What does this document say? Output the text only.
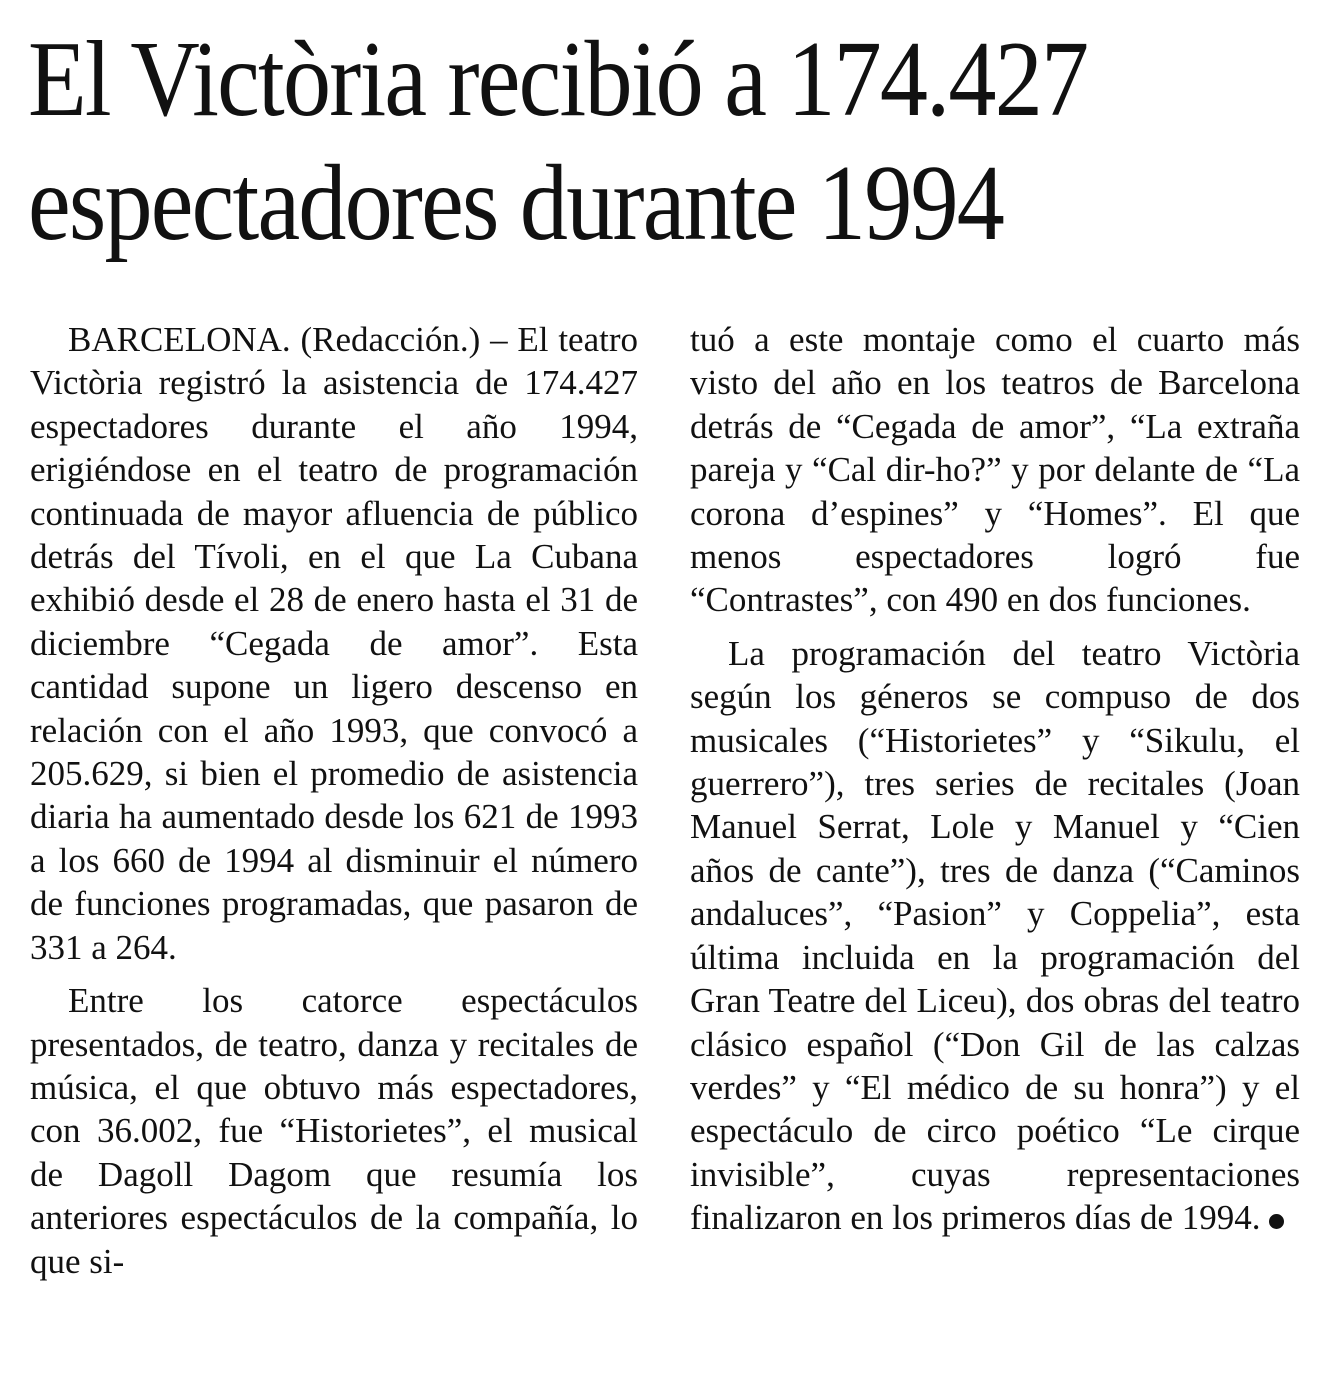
El Victòria recibió a 174.427
espectadores durante 1994

BARCELONA. (Redacción.) – El teatro Victòria registró la asistencia de 174.427 espectadores durante el año 1994, erigiéndose en el teatro de programación continuada de mayor afluencia de público detrás del Tívoli, en el que La Cubana exhibió desde el 28 de enero hasta el 31 de diciembre “Cegada de amor”. Esta cantidad supone un ligero descenso en relación con el año 1993, que convocó a 205.629, si bien el promedio de asistencia diaria ha aumentado desde los 621 de 1993 a los 660 de 1994 al disminuir el número de funciones programadas, que pasaron de 331 a 264.

Entre los catorce espectáculos presentados, de teatro, danza y recitales de música, el que obtuvo más espectadores, con 36.002, fue “Historietes”, el musical de Dagoll Dagom que resumía los anteriores espectáculos de la compañía, lo que si-

tuó a este montaje como el cuarto más visto del año en los teatros de Barcelona detrás de “Cegada de amor”, “La extraña pareja y “Cal dir-ho?” y por delante de “La corona d’espines” y “Homes”. El que menos espectadores logró fue “Contrastes”, con 490 en dos funciones.

La programación del teatro Victòria según los géneros se compuso de dos musicales (“Historietes” y “Sikulu, el guerrero”), tres series de recitales (Joan Manuel Serrat, Lole y Manuel y “Cien años de cante”), tres de danza (“Caminos andaluces”, “Pasion” y Coppelia”, esta última incluida en la programación del Gran Teatre del Liceu), dos obras del teatro clásico español (“Don Gil de las calzas verdes” y “El médico de su honra”) y el espectáculo de circo poético “Le cirque invisible”, cuyas representaciones finalizaron en los primeros días de 1994.
